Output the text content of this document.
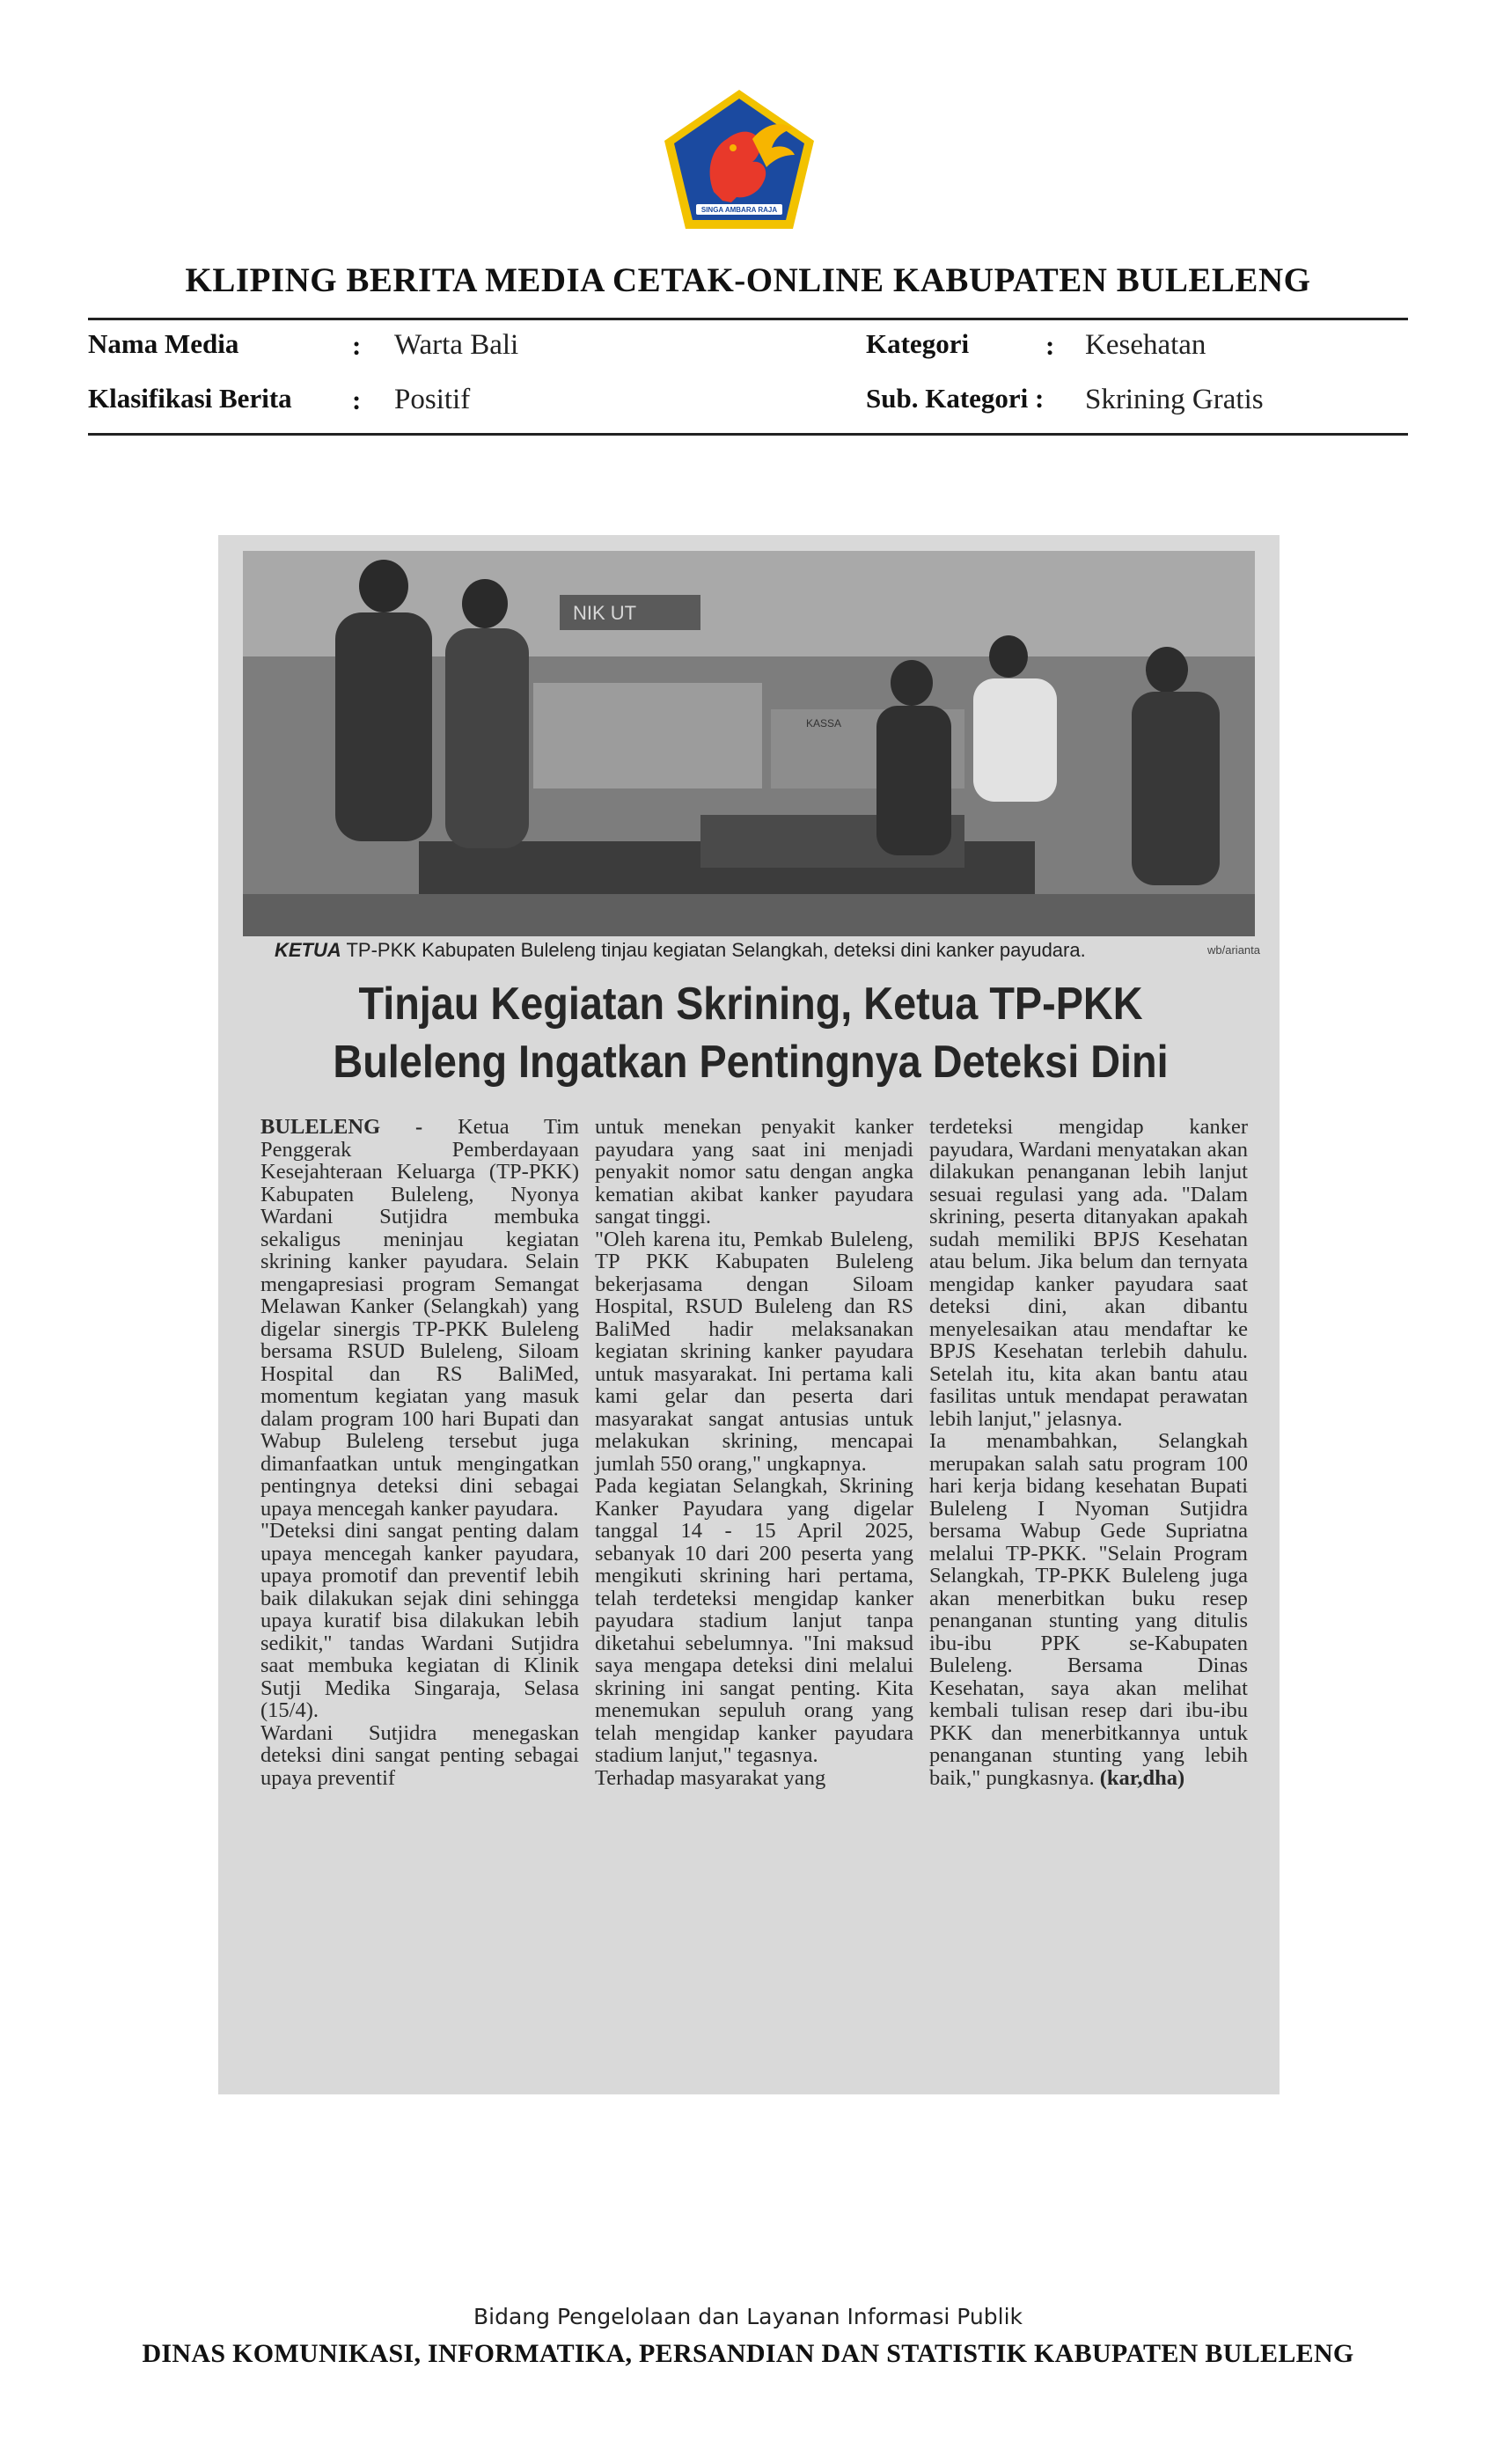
SINGA AMBARA RAJA
KLIPING BERITA MEDIA CETAK-ONLINE KABUPATEN BULELENG
Nama Media	: Warta Bali
Klasifikasi Berita : Positif
Kategori	: Kesehatan
Sub. Kategori : Skrining Gratis
NIK UT
KASSA
KETUA TP-PKK Kabupaten Buleleng tinjau kegiatan Selangkah, deteksi dini kanker payudara.	wb/arianta
Tinjau Kegiatan Skrining, Ketua TP-PKK
Buleleng Ingatkan Pentingnya Deteksi Dini
BULELENG - Ketua Tim Penggerak Pemberdayaan Kesejahteraan Keluarga (TP-PKK) Kabupaten Buleleng, Nyonya Wardani Sutjidra membuka sekaligus meninjau kegiatan skrining kanker payudara. Selain mengapresiasi program Semangat Melawan Kanker (Selangkah) yang digelar sinergis TP-PKK Buleleng bersama RSUD Buleleng, Siloam Hospital dan RS BaliMed, momentum kegiatan yang masuk dalam program 100 hari Bupati dan Wabup Buleleng tersebut juga dimanfaatkan untuk mengingatkan pentingnya deteksi dini sebagai upaya mencegah kanker payudara.
"Deteksi dini sangat penting dalam upaya mencegah kanker payudara, upaya promotif dan preventif lebih baik dilakukan sejak dini sehingga upaya kuratif bisa dilakukan lebih sedikit," tandas Wardani Sutjidra saat membuka kegiatan di Klinik Sutji Medika Singaraja, Selasa (15/4).
Wardani Sutjidra menegaskan deteksi dini sangat penting sebagai upaya preventif
untuk menekan penyakit kanker payudara yang saat ini menjadi penyakit nomor satu dengan angka kematian akibat kanker payudara sangat tinggi.
"Oleh karena itu, Pemkab Buleleng, TP PKK Kabupaten Buleleng bekerjasama dengan Siloam Hospital, RSUD Buleleng dan RS BaliMed hadir melaksanakan kegiatan skrining kanker payudara untuk masyarakat. Ini pertama kali kami gelar dan peserta dari masyarakat sangat antusias untuk melakukan skrining, mencapai jumlah 550 orang," ungkapnya.
Pada kegiatan Selangkah, Skrining Kanker Payudara yang digelar tanggal 14 - 15 April 2025, sebanyak 10 dari 200 peserta yang mengikuti skrining hari pertama, telah terdeteksi mengidap kanker payudara stadium lanjut tanpa diketahui sebelumnya. "Ini maksud saya mengapa deteksi dini melalui skrining ini sangat penting. Kita menemukan sepuluh orang yang telah mengidap kanker payudara stadium lanjut," tegasnya.
Terhadap masyarakat yang
terdeteksi mengidap kanker payudara, Wardani menyatakan akan dilakukan penanganan lebih lanjut sesuai regulasi yang ada. "Dalam skrining, peserta ditanyakan apakah sudah memiliki BPJS Kesehatan atau belum. Jika belum dan ternyata mengidap kanker payudara saat deteksi dini, akan dibantu menyelesaikan atau mendaftar ke BPJS Kesehatan terlebih dahulu. Setelah itu, kita akan bantu atau fasilitas untuk mendapat perawatan lebih lanjut," jelasnya.
Ia menambahkan, Selangkah merupakan salah satu program 100 hari kerja bidang kesehatan Bupati Buleleng I Nyoman Sutjidra bersama Wabup Gede Supriatna melalui TP-PKK. "Selain Program Selangkah, TP-PKK Buleleng juga akan menerbitkan buku resep penanganan stunting yang ditulis ibu-ibu PPK se-Kabupaten Buleleng. Bersama Dinas Kesehatan, saya akan melihat kembali tulisan resep dari ibu-ibu PKK dan menerbitkannya untuk penanganan stunting yang lebih baik," pungkasnya. (kar,dha)
Bidang Pengelolaan dan Layanan Informasi Publik
DINAS KOMUNIKASI, INFORMATIKA, PERSANDIAN DAN STATISTIK KABUPATEN BULELENG
